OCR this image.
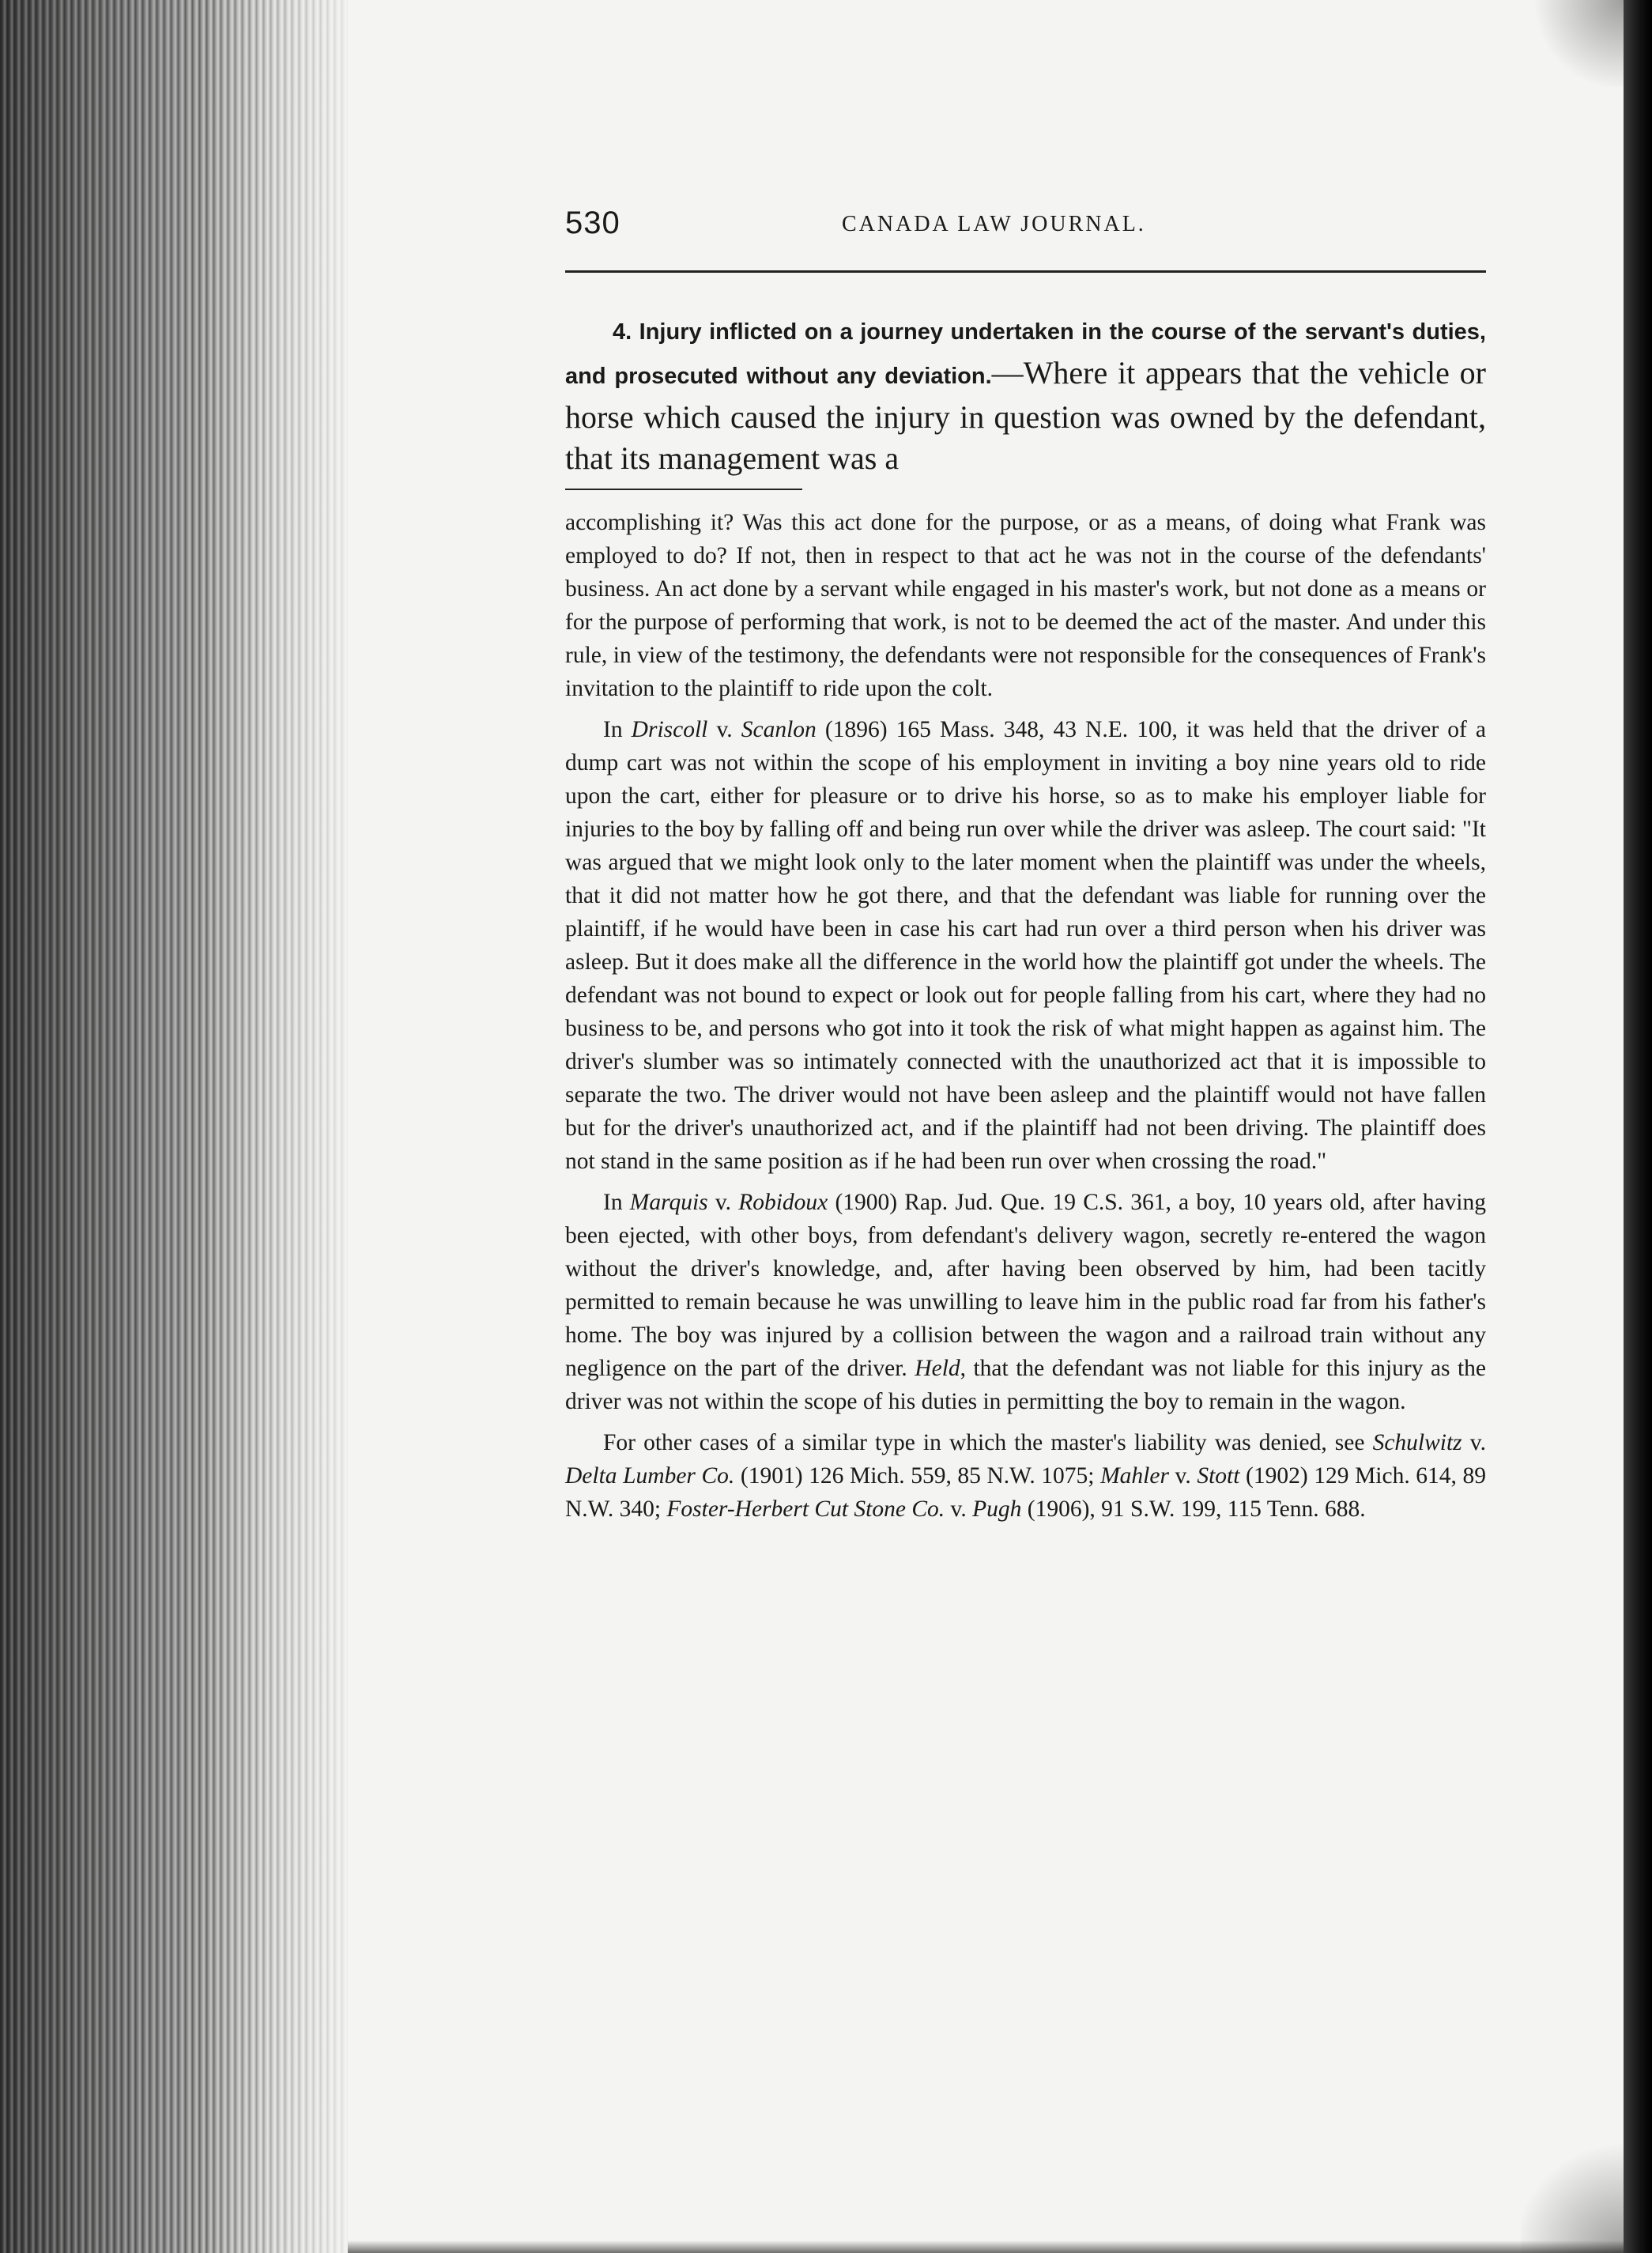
530	CANADA LAW JOURNAL.
4. Injury inflicted on a journey undertaken in the course of the servant's duties, and prosecuted without any deviation.—Where it appears that the vehicle or horse which caused the injury in question was owned by the defendant, that its management was a

accomplishing it? Was this act done for the purpose, or as a means, of doing what Frank was employed to do? If not, then in respect to that act he was not in the course of the defendants' business. An act done by a servant while engaged in his master's work, but not done as a means or for the purpose of performing that work, is not to be deemed the act of the master. And under this rule, in view of the testimony, the defendants were not responsible for the consequences of Frank's invitation to the plaintiff to ride upon the colt.

In Driscoll v. Scanlon (1896) 165 Mass. 348, 43 N.E. 100, it was held that the driver of a dump cart was not within the scope of his employment in inviting a boy nine years old to ride upon the cart, either for pleasure or to drive his horse, so as to make his employer liable for injuries to the boy by falling off and being run over while the driver was asleep. The court said: "It was argued that we might look only to the later moment when the plaintiff was under the wheels, that it did not matter how he got there, and that the defendant was liable for running over the plaintiff, if he would have been in case his cart had run over a third person when his driver was asleep. But it does make all the difference in the world how the plaintiff got under the wheels. The defendant was not bound to expect or look out for people falling from his cart, where they had no business to be, and persons who got into it took the risk of what might happen as against him. The driver's slumber was so intimately connected with the unauthorized act that it is impossible to separate the two. The driver would not have been asleep and the plaintiff would not have fallen but for the driver's unauthorized act, and if the plaintiff had not been driving. The plaintiff does not stand in the same position as if he had been run over when crossing the road."

In Marquis v. Robidoux (1900) Rap. Jud. Que. 19 C.S. 361, a boy, 10 years old, after having been ejected, with other boys, from defendant's delivery wagon, secretly re-entered the wagon without the driver's knowledge, and, after having been observed by him, had been tacitly permitted to remain because he was unwilling to leave him in the public road far from his father's home. The boy was injured by a collision between the wagon and a railroad train without any negligence on the part of the driver. Held, that the defendant was not liable for this injury as the driver was not within the scope of his duties in permitting the boy to remain in the wagon.

For other cases of a similar type in which the master's liability was denied, see Schulwitz v. Delta Lumber Co. (1901) 126 Mich. 559, 85 N.W. 1075; Mahler v. Stott (1902) 129 Mich. 614, 89 N.W. 340; Foster-Herbert Cut Stone Co. v. Pugh (1906), 91 S.W. 199, 115 Tenn. 688.
